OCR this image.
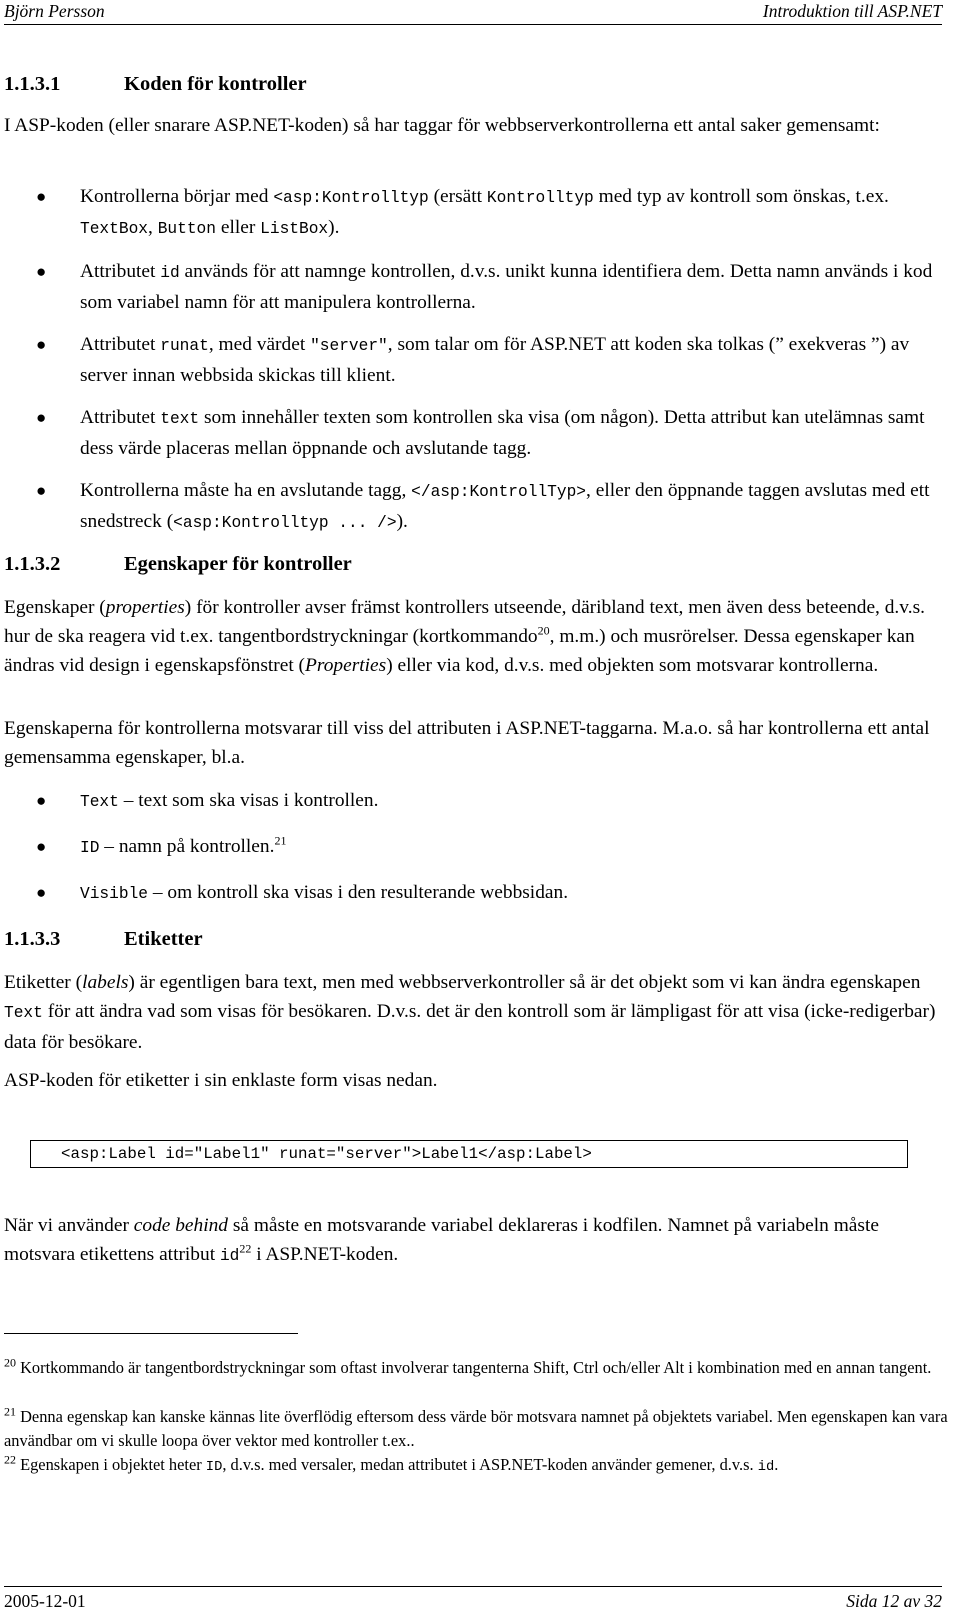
Björn Persson	Introduktion till ASP.NET
1.1.3.1	Koden för kontroller
I ASP-koden (eller snarare ASP.NET-koden) så har taggar för webbserverkontrollerna ett antal saker gemensamt:
● Kontrollerna börjar med <asp:Kontrolltyp (ersätt Kontrolltyp med typ av kontroll som önskas, t.ex. TextBox, Button eller ListBox).
● Attributet id används för att namnge kontrollen, d.v.s. unikt kunna identifiera dem. Detta namn används i kod som variabel namn för att manipulera kontrollerna.
● Attributet runat, med värdet "server", som talar om för ASP.NET att koden ska tolkas (” exekveras ”) av server innan webbsida skickas till klient.
● Attributet text som innehåller texten som kontrollen ska visa (om någon). Detta attribut kan utelämnas samt dess värde placeras mellan öppnande och avslutande tagg.
● Kontrollerna måste ha en avslutande tagg, </asp:KontrollTyp>, eller den öppnande taggen avslutas med ett snedstreck (<asp:Kontrolltyp ... />).
1.1.3.2	Egenskaper för kontroller
Egenskaper (properties) för kontroller avser främst kontrollers utseende, däribland text, men även dess beteende, d.v.s. hur de ska reagera vid t.ex. tangentbordstryckningar (kortkommando$^{20}$, m.m.) och musrörelser. Dessa egenskaper kan ändras vid design i egenskapsfönstret (Properties) eller via kod, d.v.s. med objekten som motsvarar kontrollerna.
Egenskaperna för kontrollerna motsvarar till viss del attributen i ASP.NET-taggarna. M.a.o. så har kontrollerna ett antal gemensamma egenskaper, bl.a.
● Text – text som ska visas i kontrollen.
● ID – namn på kontrollen.$^{21}$
● Visible – om kontroll ska visas i den resulterande webbsidan.
1.1.3.3	Etiketter
Etiketter (labels) är egentligen bara text, men med webbserverkontroller så är det objekt som vi kan ändra egenskapen Text för att ändra vad som visas för besökaren. D.v.s. det är den kontroll som är lämpligast för att visa (icke-redigerbar) data för besökare.
ASP-koden för etiketter i sin enklaste form visas nedan.
<asp:Label id="Label1" runat="server">Label1</asp:Label>
När vi använder code behind så måste en motsvarande variabel deklareras i kodfilen. Namnet på variabeln måste motsvara etikettens attribut $id^{22}$ i ASP.NET-koden.
$^{20}$ Kortkommando är tangentbordstryckningar som oftast involverar tangenterna Shift, Ctrl och/eller Alt i kombination med en annan tangent.
$^{21}$ Denna egenskap kan kanske kännas lite överflödig eftersom dess värde bör motsvara namnet på objektets variabel. Men egenskapen kan vara användbar om vi skulle loopa över vektor med kontroller t.ex..
$^{22}$ Egenskapen i objektet heter ID, d.v.s. med versaler, medan attributet i ASP.NET-koden använder gemener, d.v.s. id.
2005-12-01	Sida 12 av 32
